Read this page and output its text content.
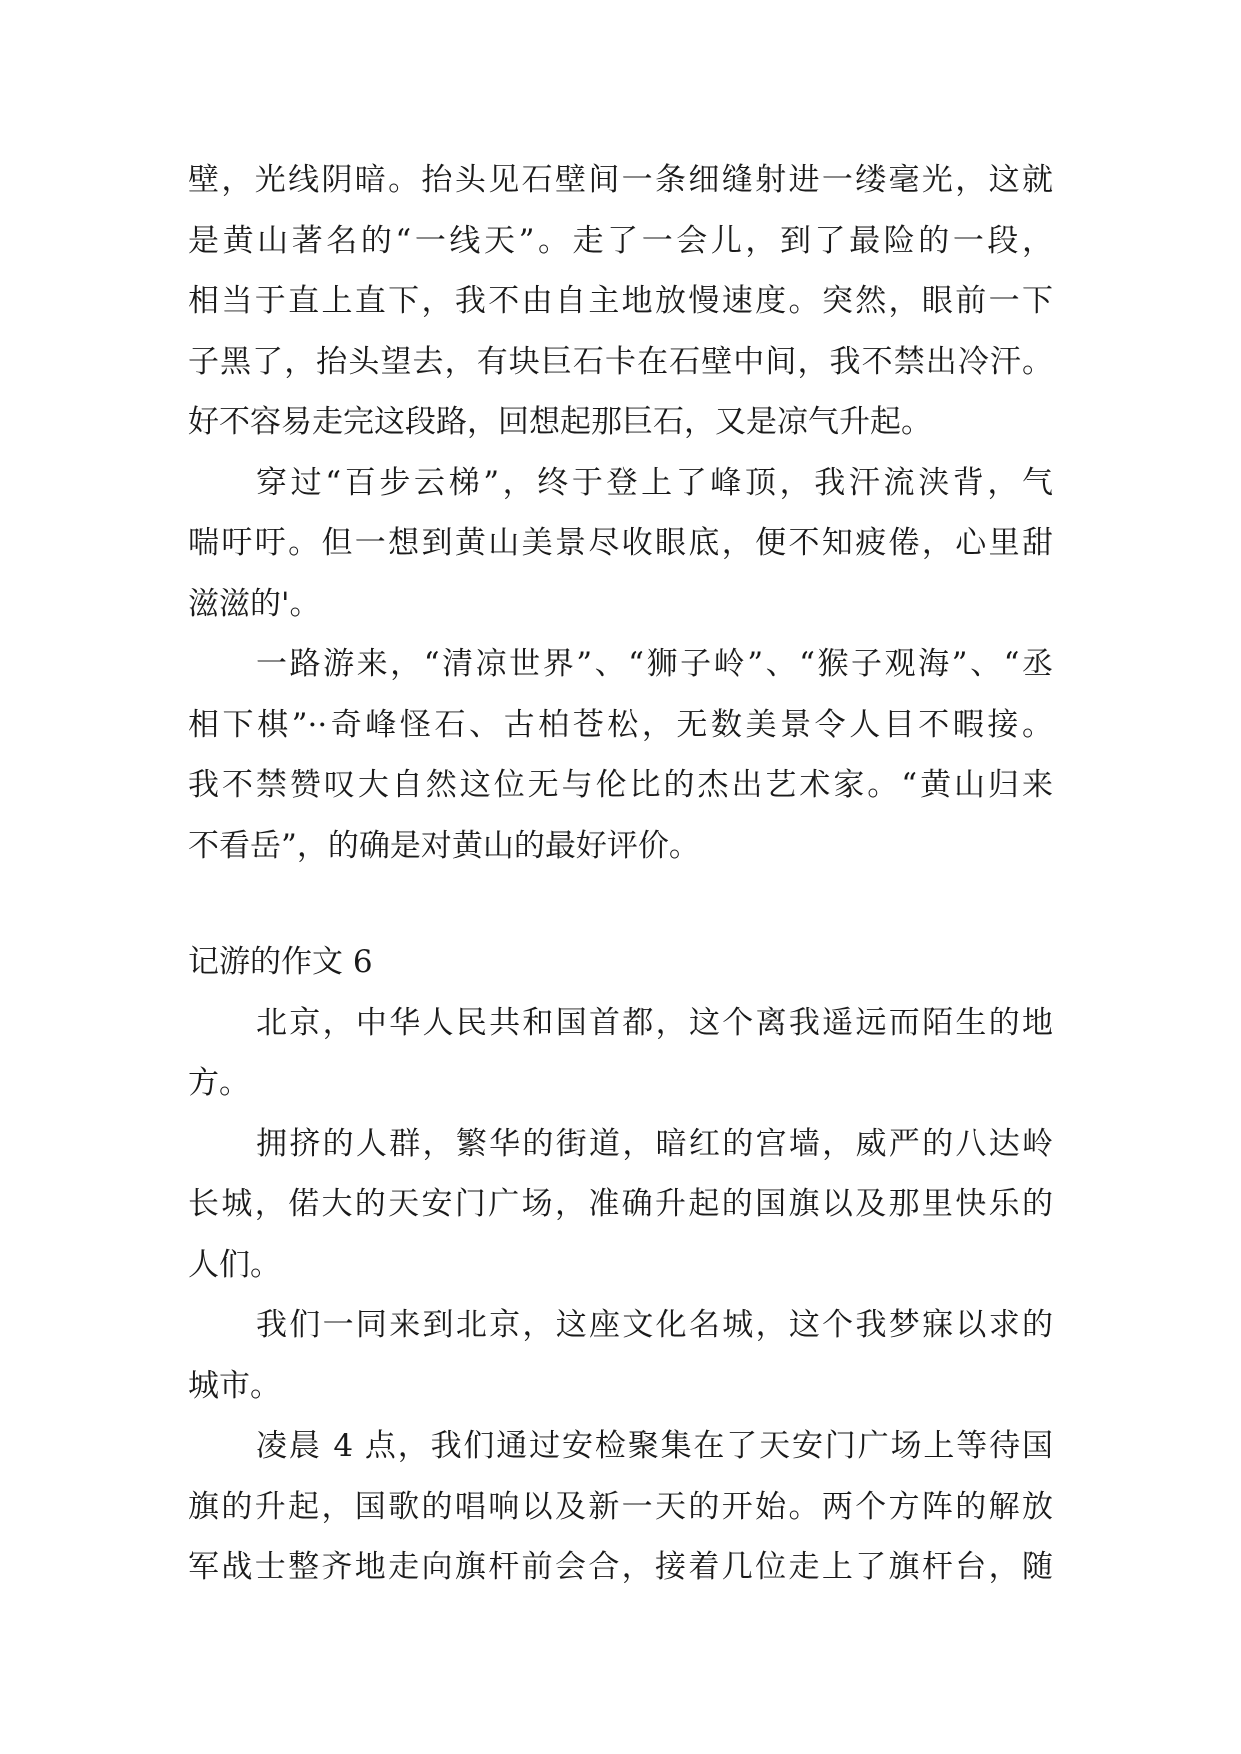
壁，光线阴暗。抬头见石壁间一条细缝射进一缕毫光，这就
是黄山著名的“一线天”。走了一会儿，到了最险的一段，
相当于直上直下，我不由自主地放慢速度。突然，眼前一下
子黑了，抬头望去，有块巨石卡在石壁中间，我不禁出冷汗。
好不容易走完这段路，回想起那巨石，又是凉气升起。

穿过“百步云梯”，终于登上了峰顶，我汗流浃背，气
喘吁吁。但一想到黄山美景尽收眼底，便不知疲倦，心里甜
滋滋的'。

一路游来，“清凉世界”、“狮子岭”、“猴子观海”、“丞
相下棋”··奇峰怪石、古柏苍松，无数美景令人目不暇接。
我不禁赞叹大自然这位无与伦比的杰出艺术家。“黄山归来
不看岳”，的确是对黄山的最好评价。

记游的作文 6

北京，中华人民共和国首都，这个离我遥远而陌生的地
方。

拥挤的人群，繁华的街道，暗红的宫墙，威严的八达岭
长城，偌大的天安门广场，准确升起的国旗以及那里快乐的
人们。

我们一同来到北京，这座文化名城，这个我梦寐以求的
城市。

凌晨 4 点，我们通过安检聚集在了天安门广场上等待国
旗的升起，国歌的唱响以及新一天的开始。两个方阵的解放
军战士整齐地走向旗杆前会合，接着几位走上了旗杆台，随
